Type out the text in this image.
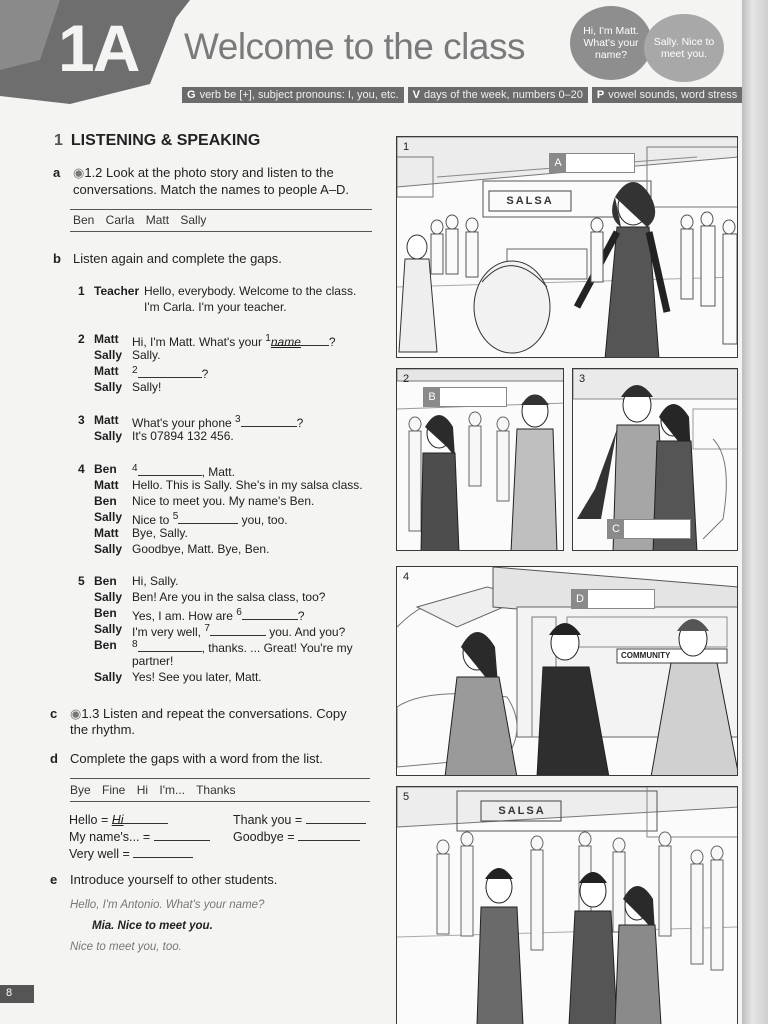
1A Welcome to the class	Hi, I'm Matt. What's your name?
Sally. Nice to meet you.
G verb be [+], subject pronouns: I, you, etc.	V days of the week, numbers 0–20	P vowel sounds, word stress
1 LISTENING & SPEAKING
a ◉1.2 Look at the photo story and listen to the
conversations. Match the names to people A–D.
Ben Carla Matt Sally
b Listen again and complete the gaps.
1 Teacher Hello, everybody. Welcome to the class.
I'm Carla. I'm your teacher.
2 Matt Hi, I'm Matt. What's your $^1$name ?
Sally Sally.
Matt $^2$	?
Sally Sally!
3 Matt What's your phone $^3$	?
Sally It's 07894 132 456.
4 Ben $^4$	, Matt.
Matt Hello. This is Sally. She's in my salsa class.
Ben Nice to meet you. My name's Ben.
Sally Nice to $^5$	you, too.
Matt Bye, Sally.
Sally Goodbye, Matt. Bye, Ben.
5 Ben Hi, Sally.
Sally Ben! Are you in the salsa class, too?
Ben Yes, I am. How are $^6$	?
Sally I'm very well, $^7$	you. And you?
Ben $^8$	, thanks. ... Great! You're my
partner!
Sally Yes! See you later, Matt.
c ◉1.3 Listen and repeat the conversations. Copy
the rhythm.
d Complete the gaps with a word from the list.
Bye Fine Hi I'm... Thanks
Hello = Hi
My name's... =
Very well =
Thank you =
Goodbye =
e Introduce yourself to other students.
Hello, I'm Antonio. What's your name?
Mia. Nice to meet you.
Nice to meet you, too.
8
1
SALSA
A
2
B
3
C
4
COMMUNITY
D
5
SALSA
